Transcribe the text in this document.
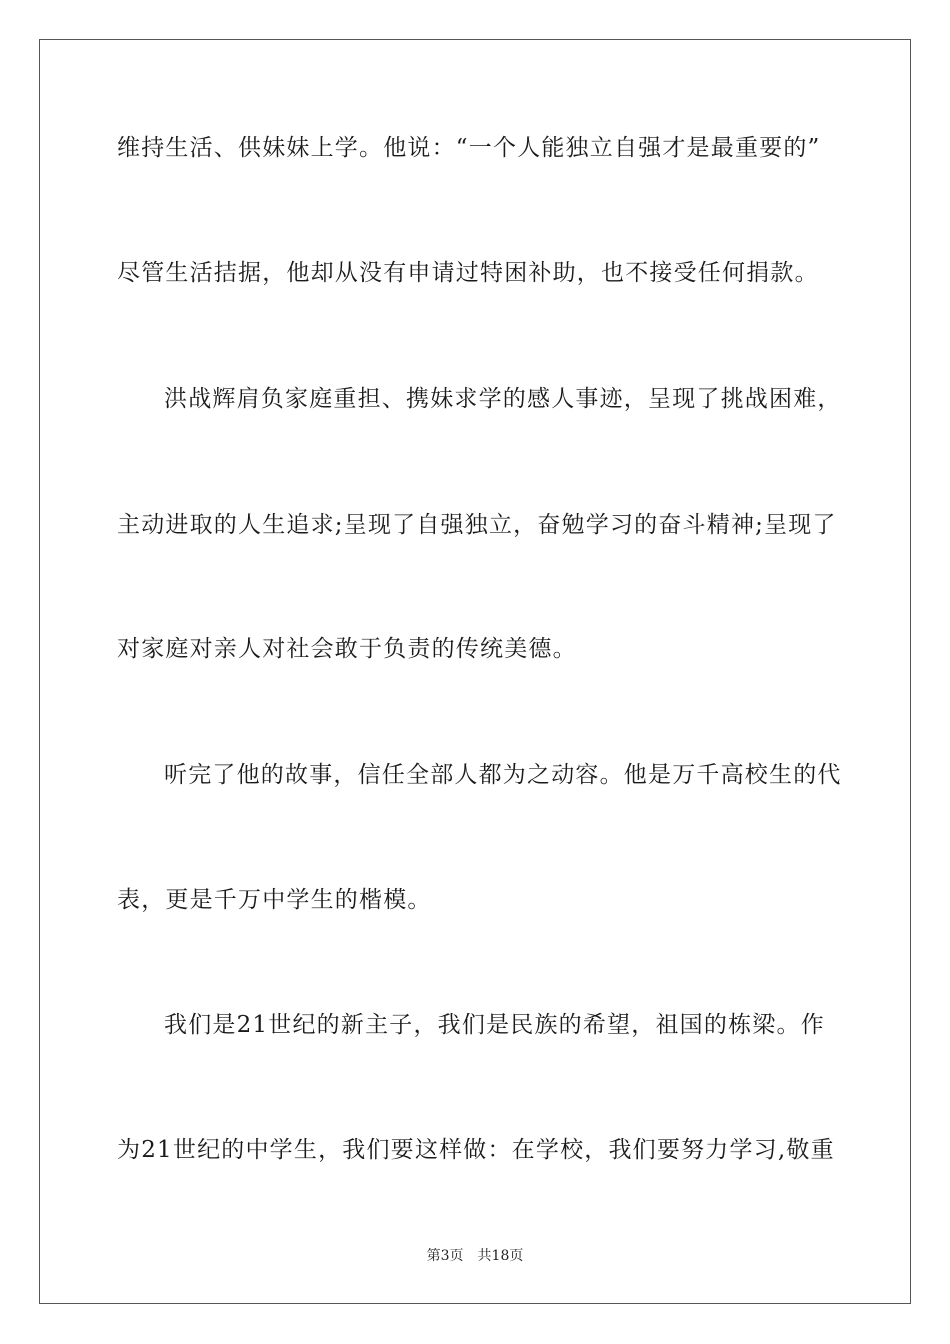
维持生活、供妹妹上学。他说：“一个人能独立自强才是最重要的”
尽管生活拮据，他却从没有申请过特困补助，也不接受任何捐款。
洪战辉肩负家庭重担、携妹求学的感人事迹，呈现了挑战困难，
主动进取的人生追求;呈现了自强独立，奋勉学习的奋斗精神;呈现了
对家庭对亲人对社会敢于负责的传统美德。
听完了他的故事，信任全部人都为之动容。他是万千高校生的代
表，更是千万中学生的楷模。
我们是21世纪的新主子，我们是民族的希望，祖国的栋梁。作
为21世纪的中学生，我们要这样做：在学校，我们要努力学习,敬重
第3页 共18页
